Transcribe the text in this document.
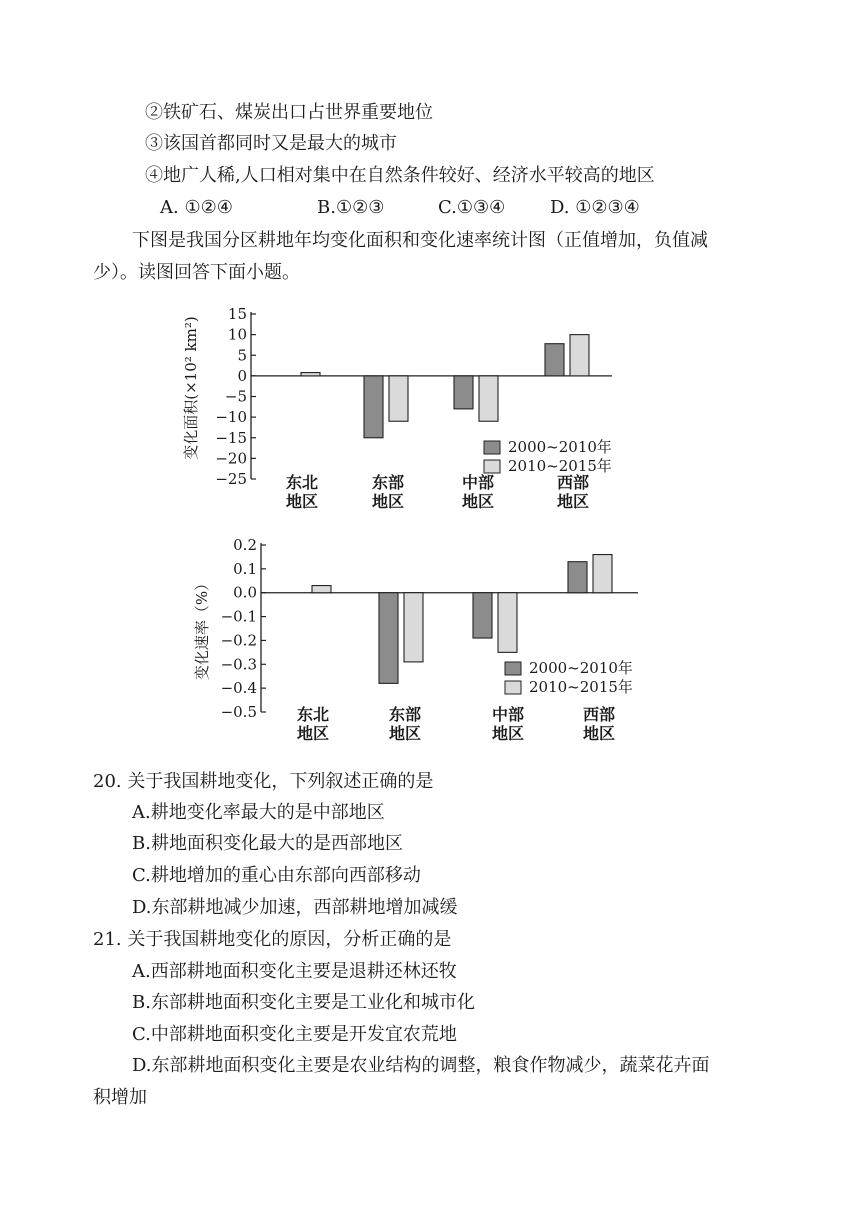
②铁矿石、煤炭出口占世界重要地位
③该国首都同时又是最大的城市
④地广人稀,人口相对集中在自然条件较好、经济水平较高的地区
A. ①②④	B.①②③	C.①③④ D. ①②③④
下图是我国分区耕地年均变化面积和变化速率统计图（正值增加，负值减
少）。读图回答下面小题。
变化面积(×10² km²)
15
10
5
0
−5
−10
−15
−20
−25 东北
地区
东部
地区
中部
地区
西部
地区
2000~2010年
2010~2015年
变化速率（%）
0.2
0.1
0.0
−0.1
−0.2
−0.3
−0.4
−0.5 东北
地区
东部
地区
中部
地区
西部
地区
2000~2010年
2010~2015年
20. 关于我国耕地变化，下列叙述正确的是
A.耕地变化率最大的是中部地区
B.耕地面积变化最大的是西部地区
C.耕地增加的重心由东部向西部移动
D.东部耕地减少加速，西部耕地增加减缓
21. 关于我国耕地变化的原因，分析正确的是
A.西部耕地面积变化主要是退耕还林还牧
B.东部耕地面积变化主要是工业化和城市化
C.中部耕地面积变化主要是开发宜农荒地
D.东部耕地面积变化主要是农业结构的调整，粮食作物减少，蔬菜花卉面
积增加
